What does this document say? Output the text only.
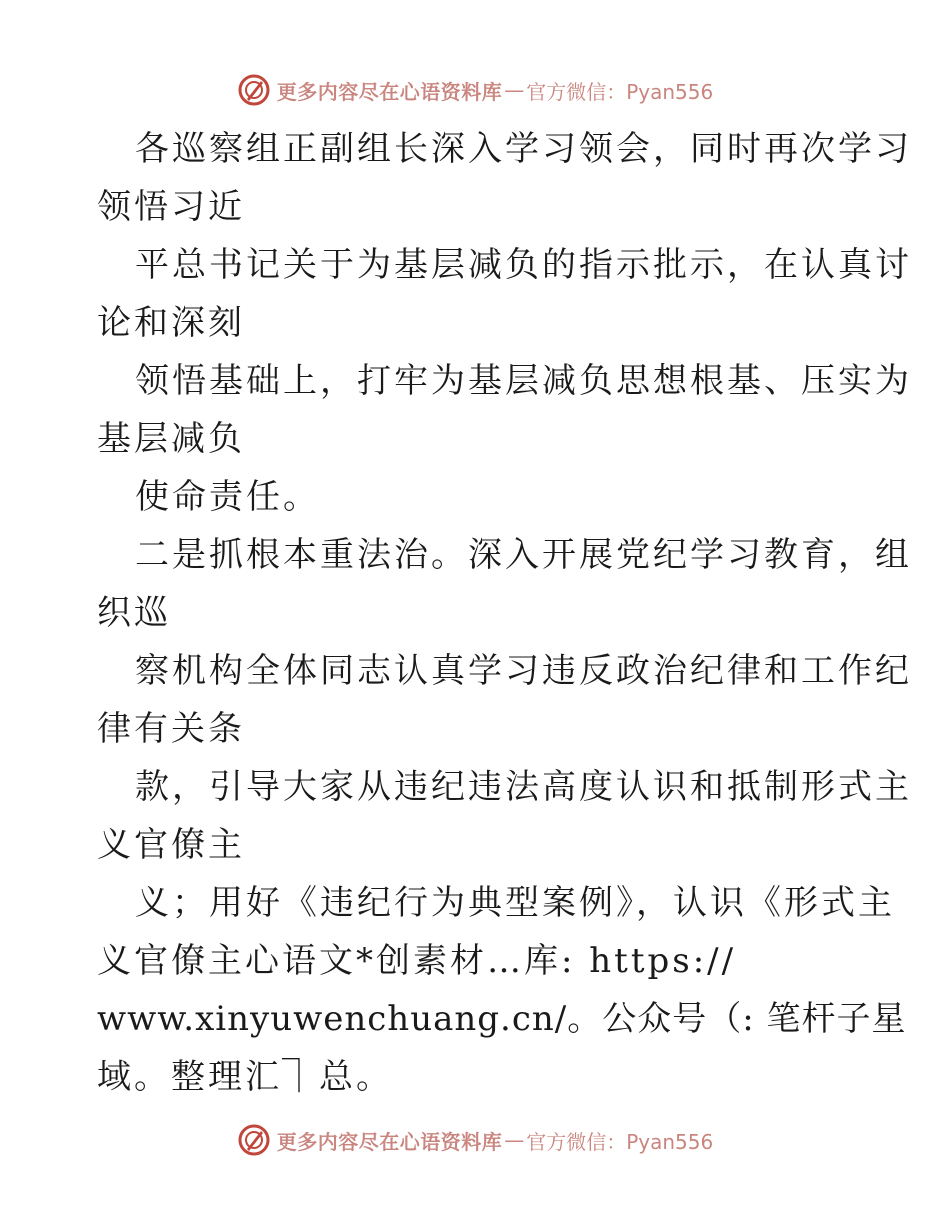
更多内容尽在心语资料库 — 官方微信：Pyan556
各巡察组正副组长深入学习领会，同时再次学习
领悟习近
平总书记关于为基层减负的指示批示，在认真讨
论和深刻
领悟基础上，打牢为基层减负思想根基、压实为
基层减负
使命责任。
二是抓根本重法治。深入开展党纪学习教育，组
织巡
察机构全体同志认真学习违反政治纪律和工作纪
律有关条
款，引导大家从违纪违法高度认识和抵制形式主
义官僚主
义；用好《违纪行为典型案例》，认识《形式主
义官僚主心语文*创素材…库: https://
www.xinyuwenchuang.cn/。公众号（: 笔杆子星
域。整理汇⏋总。
更多内容尽在心语资料库 — 官方微信：Pyan556
